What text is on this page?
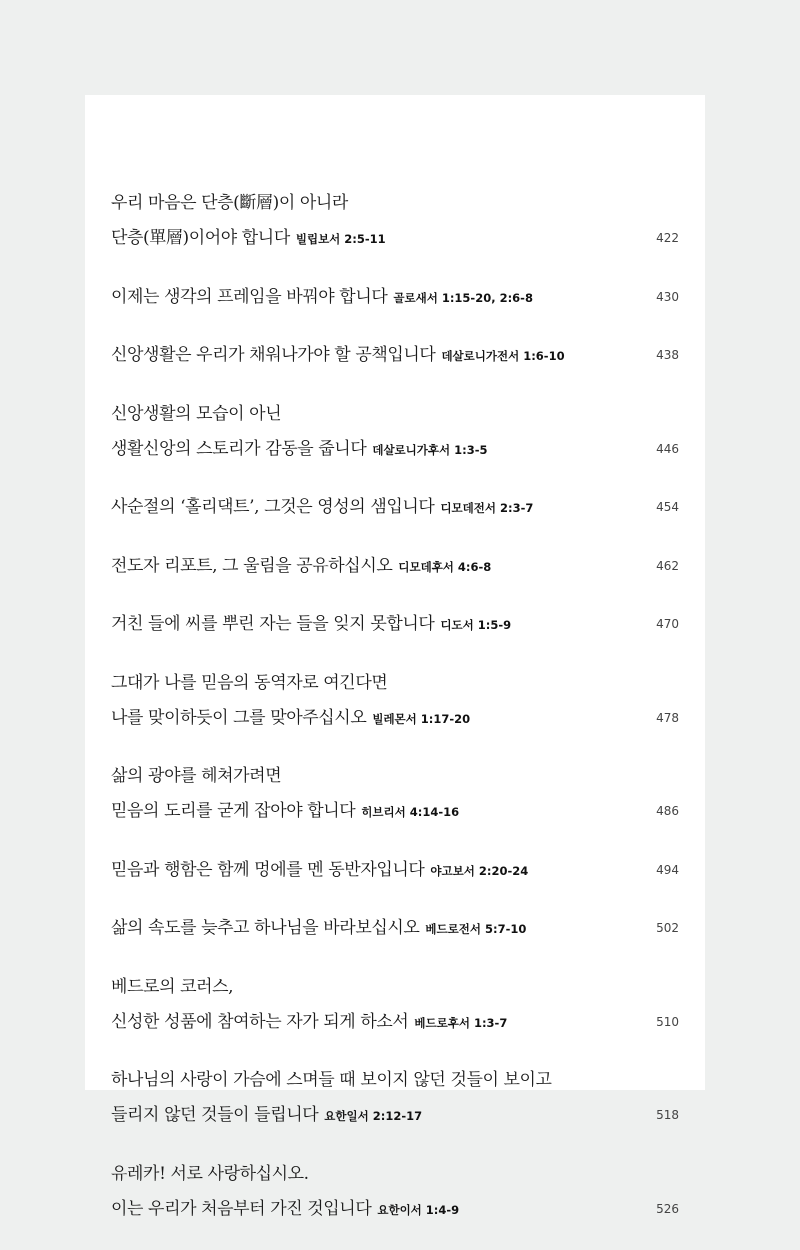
우리 마음은 단층(斷層)이 아니라
단층(單層)이어야 합니다 빌립보서 2:5-11	422
이제는 생각의 프레임을 바꿔야 합니다 골로새서 1:15-20, 2:6-8	430
신앙생활은 우리가 채워나가야 할 공책입니다 데살로니가전서 1:6-10	438
신앙생활의 모습이 아닌
생활신앙의 스토리가 감동을 줍니다 데살로니가후서 1:3-5	446
사순절의 ‘홀리댁트’, 그것은 영성의 샘입니다 디모데전서 2:3-7	454
전도자 리포트, 그 울림을 공유하십시오 디모데후서 4:6-8	462
거친 들에 씨를 뿌린 자는 들을 잊지 못합니다 디도서 1:5-9	470
그대가 나를 믿음의 동역자로 여긴다면
나를 맞이하듯이 그를 맞아주십시오 빌레몬서 1:17-20	478
삶의 광야를 헤쳐가려면
믿음의 도리를 굳게 잡아야 합니다 히브리서 4:14-16	486
믿음과 행함은 함께 멍에를 멘 동반자입니다 야고보서 2:20-24	494
삶의 속도를 늦추고 하나님을 바라보십시오 베드로전서 5:7-10	502
베드로의 코러스,
신성한 성품에 참여하는 자가 되게 하소서 베드로후서 1:3-7	510
하나님의 사랑이 가슴에 스며들 때 보이지 않던 것들이 보이고
들리지 않던 것들이 들립니다 요한일서 2:12-17	518
유레카! 서로 사랑하십시오.
이는 우리가 처음부터 가진 것입니다 요한이서 1:4-9	526
